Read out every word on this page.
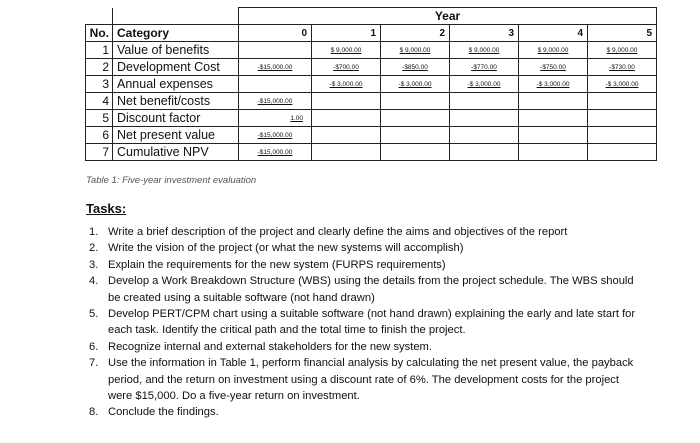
		Year					
No.	Category	0	1	2	3	4	5
1	Value of benefits		$ 9,000.00	$ 9,000.00	$ 9,000.00	$ 9,000.00	$ 9,000.00
2	Development Cost	-$15,000.00	-$700.00	-$850.00	-$770.00	-$750.00	-$730.00
3	Annual expenses		-$ 3,000.00	-$ 3,000.00	-$ 3,000.00	-$ 3,000.00	-$ 3,000.00
4	Net benefit/costs	-$15,000.00					
5	Discount factor	1.00					
6	Net present value	-$15,000.00					
7	Cumulative NPV	-$15,000.00					
Table 1: Five-year investment evaluation
Tasks:
1. Write a brief description of the project and clearly define the aims and objectives of the report
2. Write the vision of the project (or what the new systems will accomplish)
3. Explain the requirements for the new system (FURPS requirements)
4. Develop a Work Breakdown Structure (WBS) using the details from the project schedule. The WBS should be created using a suitable software (not hand drawn)
5. Develop PERT/CPM chart using a suitable software (not hand drawn) explaining the early and late start for each task. Identify the critical path and the total time to finish the project.
6. Recognize internal and external stakeholders for the new system.
7. Use the information in Table 1, perform financial analysis by calculating the net present value, the payback period, and the return on investment using a discount rate of 6%. The development costs for the project were $15,000. Do a five-year return on investment.
8. Conclude the findings.
